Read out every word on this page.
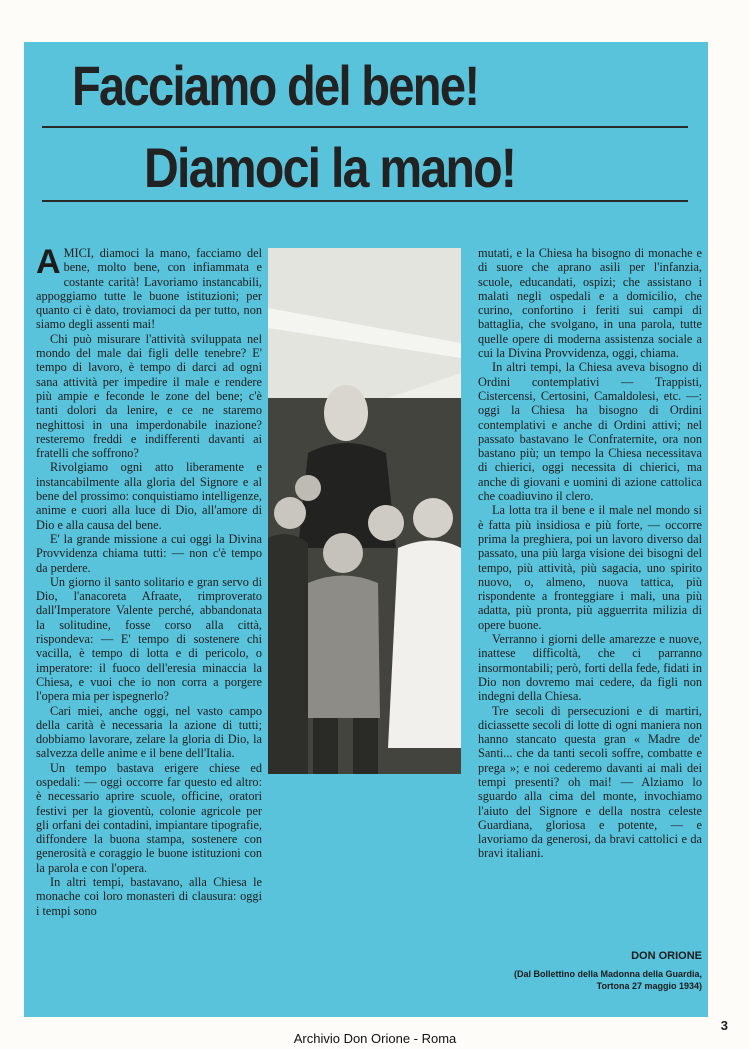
Facciamo del bene!
Diamoci la mano!

AMICI, diamoci la mano, facciamo del bene, molto bene, con infiammata e costante carità! Lavoriamo instancabili, appoggiamo tutte le buone istituzioni; per quanto ci è dato, troviamoci da per tutto, non siamo degli assenti mai!

Chi può misurare l'attività sviluppata nel mondo del male dai figli delle tenebre? E' tempo di lavoro, è tempo di darci ad ogni sana attività per impedire il male e rendere più ampie e feconde le zone del bene; c'è tanti dolori da lenire, e ce ne staremo neghittosi in una imperdonabile inazione? resteremo freddi e indifferenti davanti ai fratelli che soffrono?

Rivolgiamo ogni atto liberamente e instancabilmente alla gloria del Signore e al bene del prossimo: conquistiamo intelligenze, anime e cuori alla luce di Dio, all'amore di Dio e alla causa del bene.

E' la grande missione a cui oggi la Divina Provvidenza chiama tutti: — non c'è tempo da perdere.

Un giorno il santo solitario e gran servo di Dio, l'anacoreta Afraate, rimproverato dall'Imperatore Valente perché, abbandonata la solitudine, fosse corso alla città, rispondeva: — E' tempo di sostenere chi vacilla, è tempo di lotta e di pericolo, o imperatore: il fuoco dell'eresia minaccia la Chiesa, e vuoi che io non corra a porgere l'opera mia per ispegnerlo?

Cari miei, anche oggi, nel vasto campo della carità è necessaria la azione di tutti; dobbiamo lavorare, zelare la gloria di Dio, la salvezza delle anime e il bene dell'Italia.

Un tempo bastava erigere chiese ed ospedali: — oggi occorre far questo ed altro: è necessario aprire scuole, officine, oratori festivi per la gioventù, colonie agricole per gli orfani dei contadini, impiantare tipografie, diffondere la buona stampa, sostenere con generosità e coraggio le buone istituzioni con la parola e con l'opera.

In altri tempi, bastavano, alla Chiesa le monache coi loro monasteri di clausura: oggi i tempi sono

mutati, e la Chiesa ha bisogno di monache e di suore che aprano asili per l'infanzia, scuole, educandati, ospizi; che assistano i malati negli ospedali e a domicilio, che curino, confortino i feriti sui campi di battaglia, che svolgano, in una parola, tutte quelle opere di moderna assistenza sociale a cui la Divina Provvidenza, oggi, chiama.

In altri tempi, la Chiesa aveva bisogno di Ordini contemplativi — Trappisti, Cistercensi, Certosini, Camaldolesi, etc. —: oggi la Chiesa ha bisogno di Ordini contemplativi e anche di Ordini attivi; nel passato bastavano le Confraternite, ora non bastano più; un tempo la Chiesa necessitava di chierici, oggi necessita di chierici, ma anche di giovani e uomini di azione cattolica che coadiuvino il clero.

La lotta tra il bene e il male nel mondo si è fatta più insidiosa e più forte, — occorre prima la preghiera, poi un lavoro diverso dal passato, una più larga visione dei bisogni del tempo, più attività, più sagacia, uno spirito nuovo, o, almeno, nuova tattica, più rispondente a fronteggiare i mali, una più adatta, più pronta, più agguerrita milizia di opere buone.

Verranno i giorni delle amarezze e nuove, inattese difficoltà, che ci parranno insormontabili; però, forti della fede, fidati in Dio non dovremo mai cedere, da figli non indegni della Chiesa.

Tre secoli di persecuzioni e di martiri, diciassette secoli di lotte di ogni maniera non hanno stancato questa gran « Madre de' Santi... che da tanti secoli soffre, combatte e prega »; e noi cederemo davanti ai mali dei tempi presenti? oh mai! — Alziamo lo sguardo alla cima del monte, invochiamo l'aiuto del Signore e della nostra celeste Guardiana, gloriosa e potente, — e lavoriamo da generosi, da bravi cattolici e da bravi italiani.

DON ORIONE
(Dal Bollettino della Madonna della Guardia,
Tortona 27 maggio 1934)
3
Archivio Don Orione - Roma
